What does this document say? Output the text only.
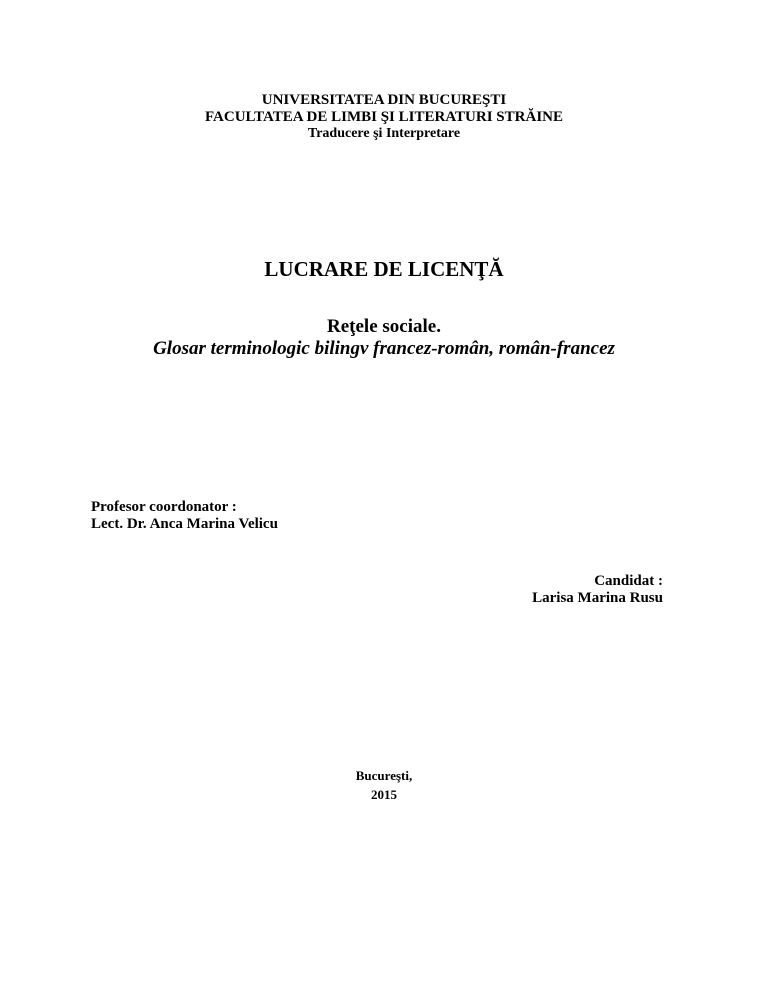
UNIVERSITATEA DIN BUCUREŞTI
FACULTATEA DE LIMBI ŞI LITERATURI STRĂINE
Traducere şi Interpretare
LUCRARE DE LICENŢĂ
Reţele sociale.
Glosar terminologic bilingv francez-român, român-francez
Profesor coordonator :
Lect. Dr. Anca Marina Velicu
Candidat :
Larisa Marina Rusu
Bucureşti,
2015
